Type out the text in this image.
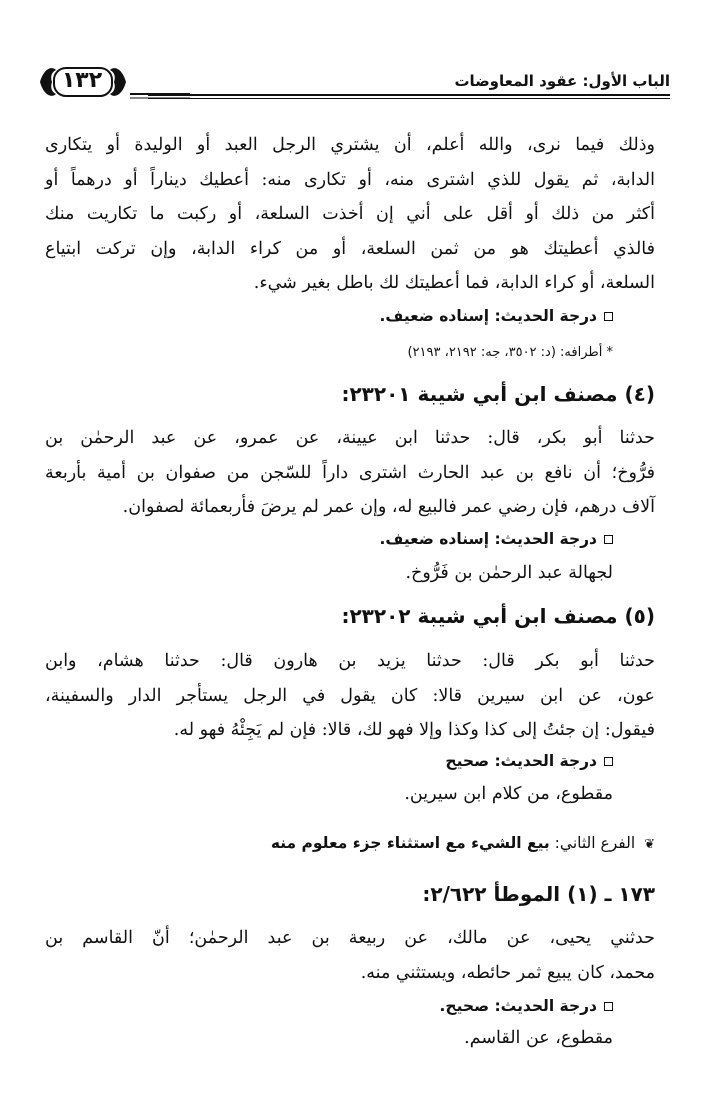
الباب الأول: عقود المعاوضات
١٣٢
وذلك فيما نرى، والله أعلم، أن يشتري الرجل العبد أو الوليدة أو يتكارى
الدابة، ثم يقول للذي اشترى منه، أو تكارى منه: أعطيك ديناراً أو درهماً أو
أكثر من ذلك أو أقل على أني إن أخذت السلعة، أو ركبت ما تكاريت منك
فالذي أعطيتك هو من ثمن السلعة، أو من كراء الدابة، وإن تركت ابتياع
السلعة، أو كراء الدابة، فما أعطيتك لك باطل بغير شيء.
درجة الحديث: إسناده ضعيف.
* أطرافه: (د: ٣٥٠٢، جه: ٢١٩٢، ٢١٩٣)
(٤) مصنف ابن أبي شيبة ٢٣٢٠١:
حدثنا أبو بكر، قال: حدثنا ابن عيينة، عن عمرو، عن عبد الرحمٰن بن
فرُّوخ؛ أن نافع بن عبد الحارث اشترى داراً للسّجن من صفوان بن أمية بأربعة
آلاف درهم، فإن رضي عمر فالبيع له، وإن عمر لم يرضَ فأربعمائة لصفوان.
درجة الحديث: إسناده ضعيف.
لجهالة عبد الرحمٰن بن فَرُّوخ.
(٥) مصنف ابن أبي شيبة ٢٣٢٠٢:
حدثنا أبو بكر قال: حدثنا يزيد بن هارون قال: حدثنا هشام، وابن
عون، عن ابن سيرين قالا: كان يقول في الرجل يستأجر الدار والسفينة،
فيقول: إن جئتُ إلى كذا وكذا وإلا فهو لك، قالا: فإن لم يَجِئْهُ فهو له.
درجة الحديث: صحيح
مقطوع، من كلام ابن سيرين.
❦ الفرع الثاني: بيع الشيء مع استثناء جزء معلوم منه
١٧٣ ـ (١) الموطأ ٢/٦٢٢:
حدثني يحيى، عن مالك، عن ربيعة بن عبد الرحمٰن؛ أنّ القاسم بن
محمد، كان يبيع ثمر حائطه، ويستثني منه.
درجة الحديث: صحيح.
مقطوع، عن القاسم.
